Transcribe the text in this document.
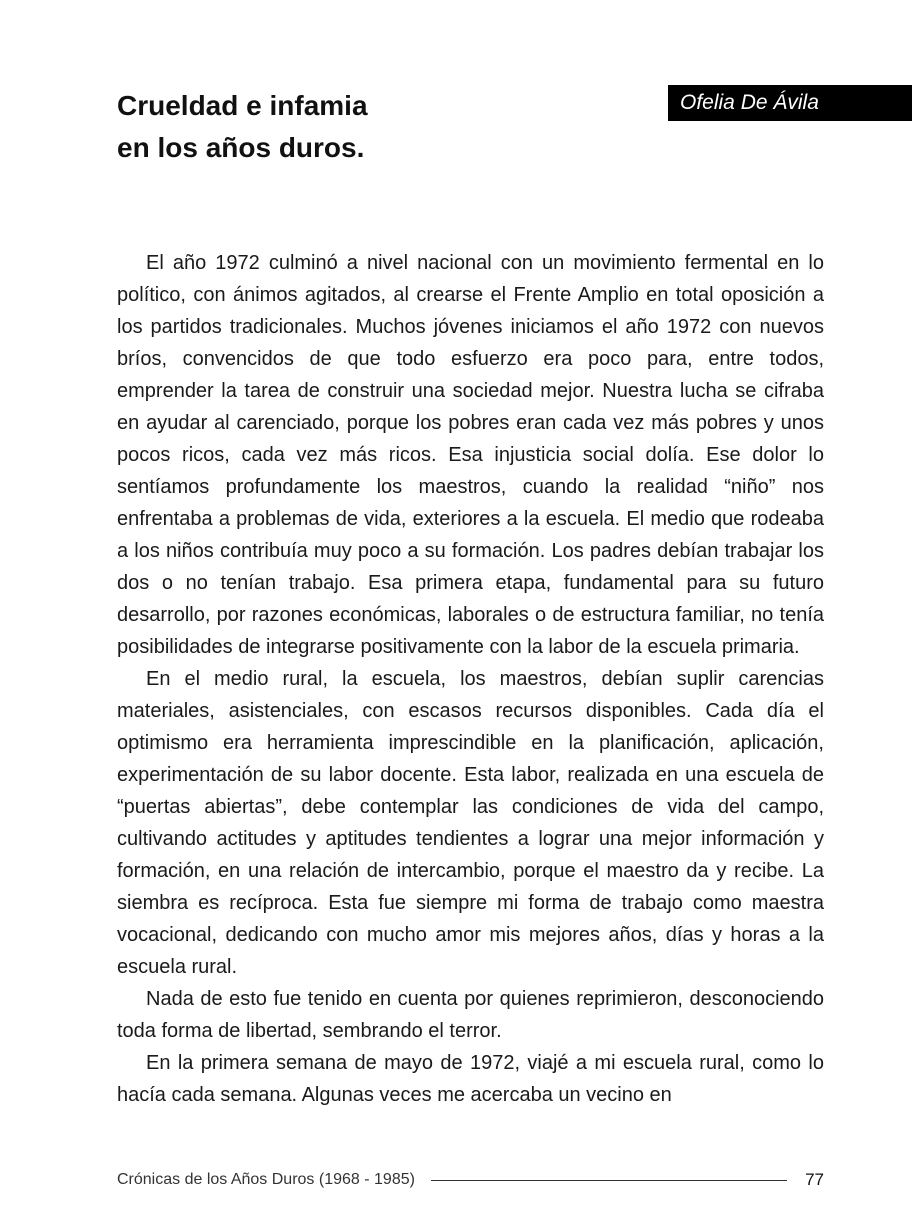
Crueldad e infamia
en los años duros.
Ofelia De Ávila

El año 1972 culminó a nivel nacional con un movimiento fermental en lo político, con ánimos agitados, al crearse el Frente Amplio en total oposición a los partidos tradicionales. Muchos jóvenes iniciamos el año 1972 con nuevos bríos, convencidos de que todo esfuerzo era poco para, entre todos, emprender la tarea de construir una sociedad mejor. Nuestra lucha se cifraba en ayudar al carenciado, porque los pobres eran cada vez más pobres y unos pocos ricos, cada vez más ricos. Esa injusticia social dolía. Ese dolor lo sentíamos profundamente los maestros, cuando la realidad “niño” nos enfrentaba a problemas de vida, exteriores a la escuela. El medio que rodeaba a los niños contribuía muy poco a su formación. Los padres debían trabajar los dos o no tenían trabajo. Esa primera etapa, fundamental para su futuro desarrollo, por razones económicas, laborales o de estructura familiar, no tenía posibilidades de integrarse positivamente con la labor de la escuela primaria.

En el medio rural, la escuela, los maestros, debían suplir carencias materiales, asistenciales, con escasos recursos disponibles. Cada día el optimismo era herramienta imprescindible en la planificación, aplicación, experimentación de su labor docente. Esta labor, realizada en una escuela de “puertas abiertas”, debe contemplar las condiciones de vida del campo, cultivando actitudes y aptitudes tendientes a lograr una mejor información y formación, en una relación de intercambio, porque el maestro da y recibe. La siembra es recíproca. Esta fue siempre mi forma de trabajo como maestra vocacional, dedicando con mucho amor mis mejores años, días y horas a la escuela rural.

Nada de esto fue tenido en cuenta por quienes reprimieron, desconociendo toda forma de libertad, sembrando el terror.

En la primera semana de mayo de 1972, viajé a mi escuela rural, como lo hacía cada semana. Algunas veces me acercaba un vecino en

Crónicas de los Años Duros (1968 - 1985)	77
